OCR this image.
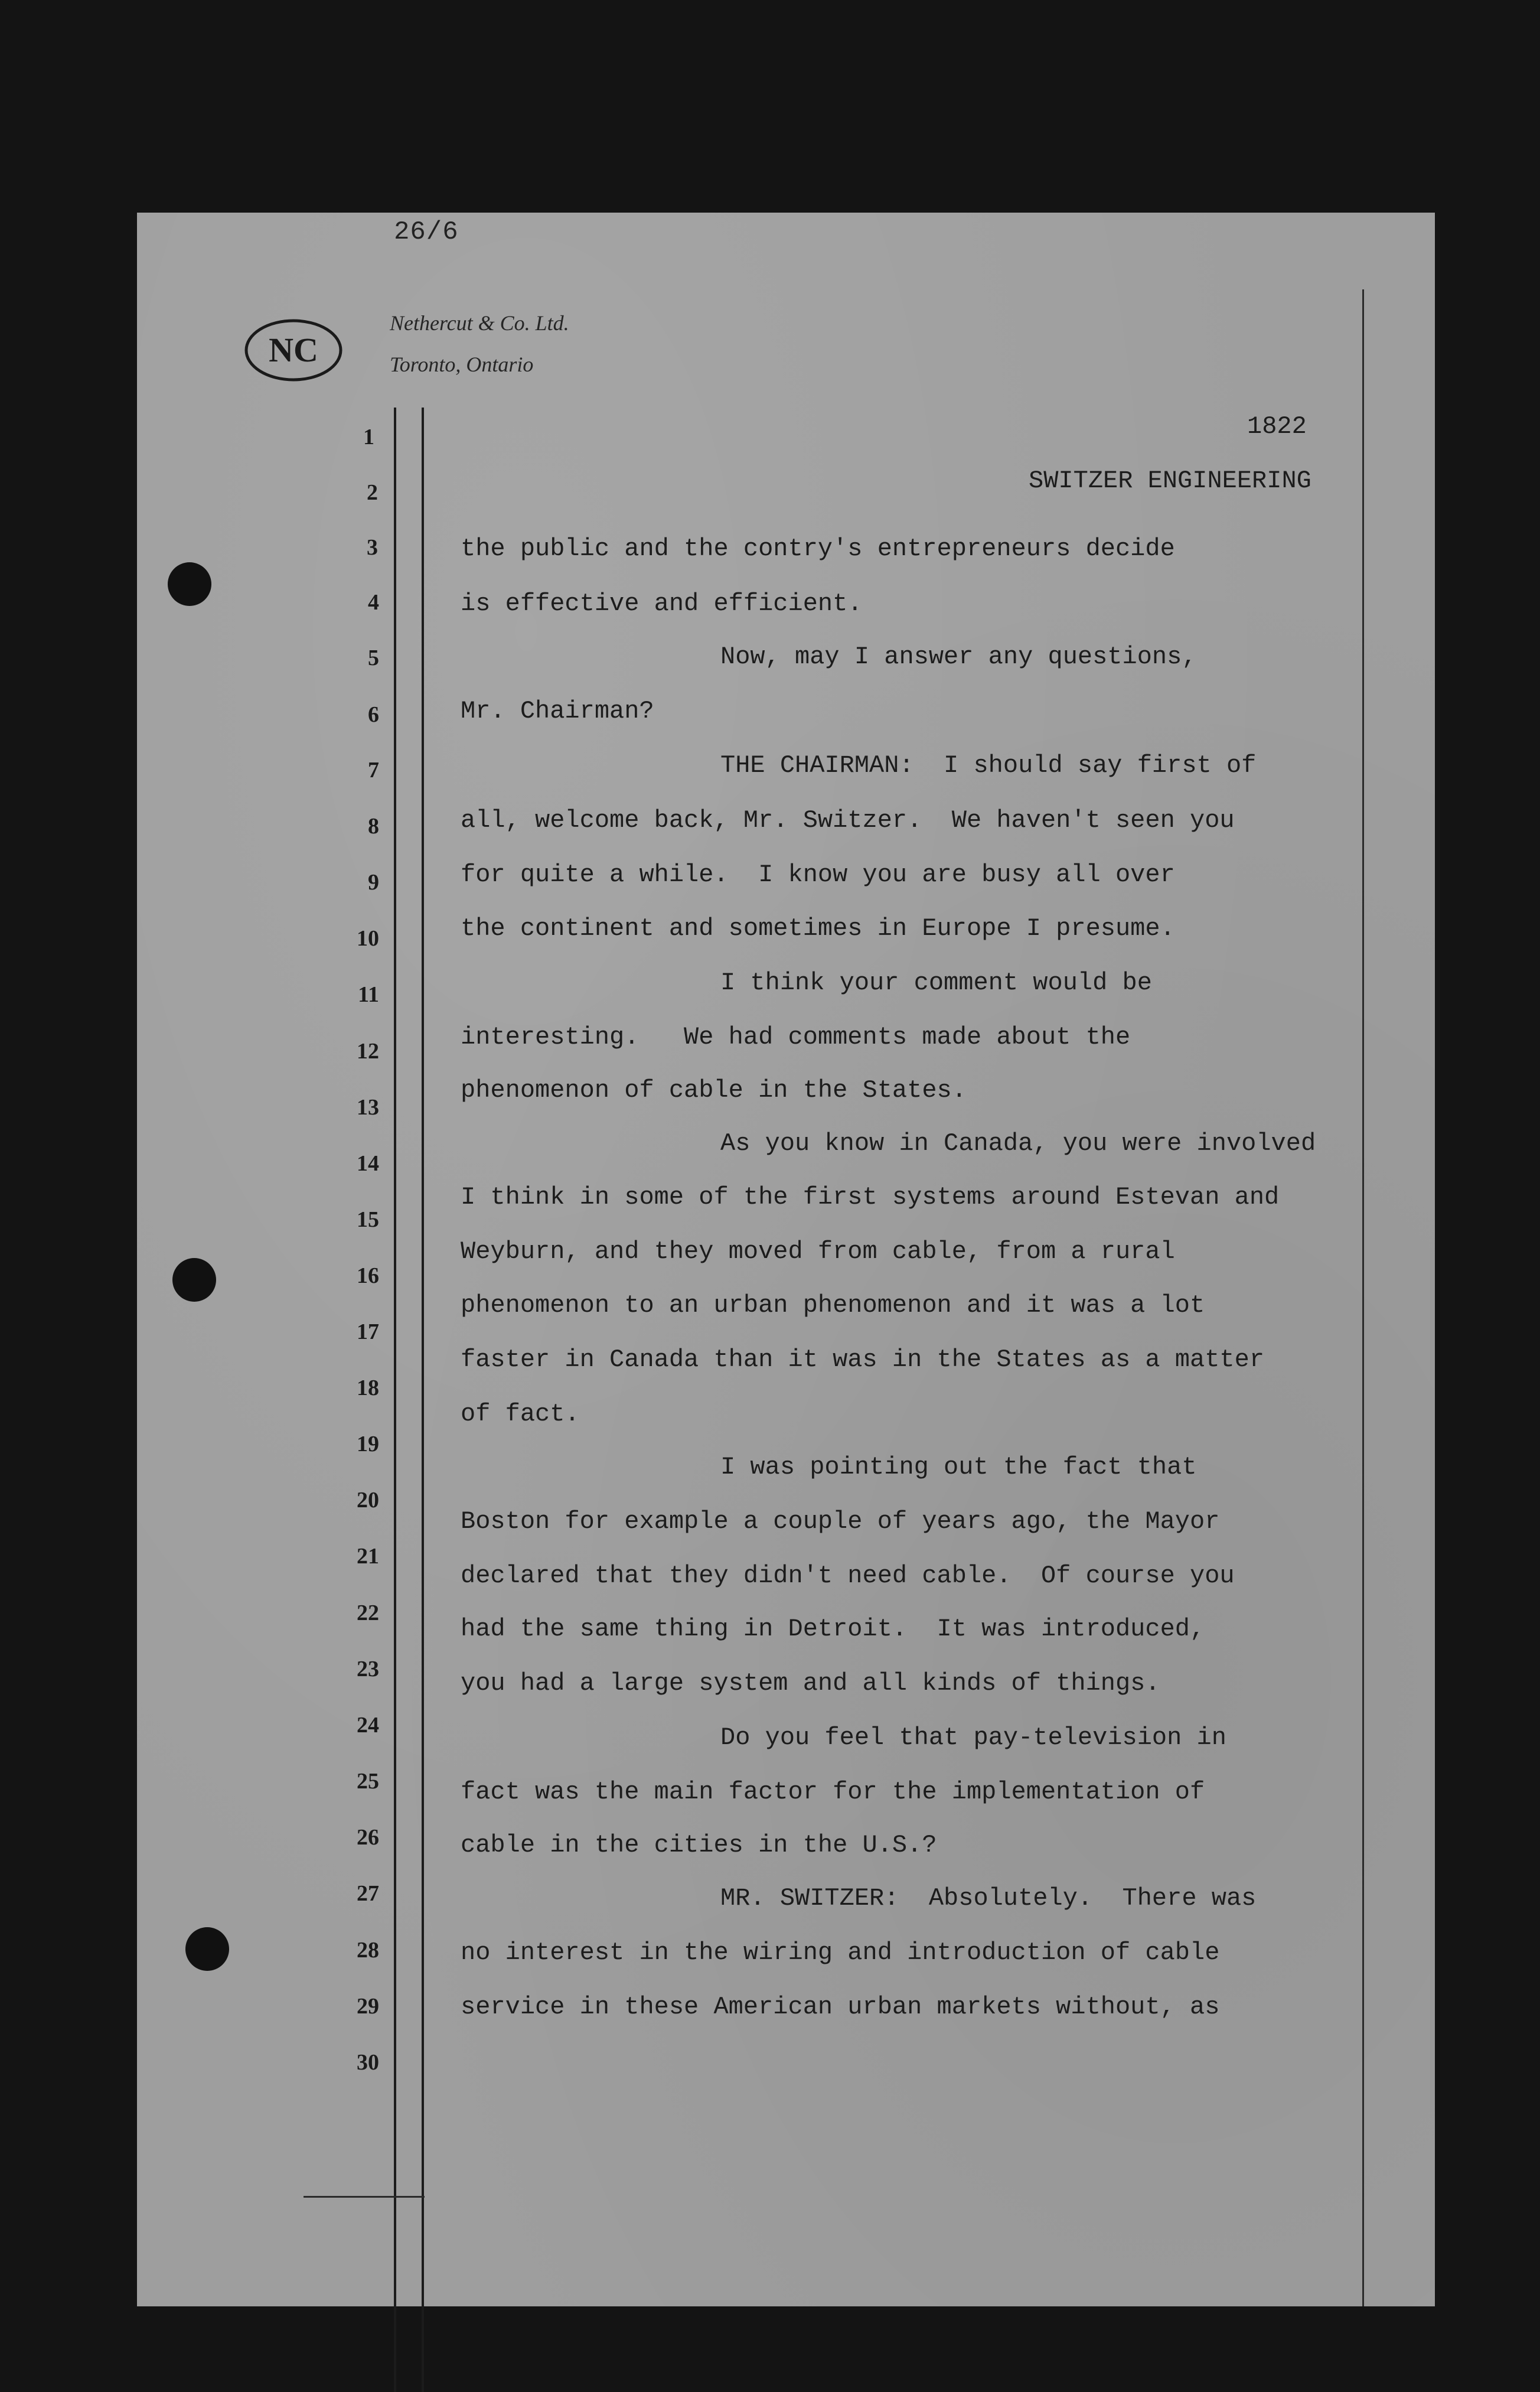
26/6
NC
Nethercut & Co. Ltd.
Toronto, Ontario
1822
SWITZER ENGINEERING
1
2
3
4
5
6
7
8
9
10
11
12
13
14
15
16
17
18
19
20
21
22
23
24
25
26
27
28
29
30
the public and the contry's entrepreneurs decide
is effective and efficient.
Now, may I answer any questions,
Mr. Chairman?
THE CHAIRMAN:  I should say first of
all, welcome back, Mr. Switzer.  We haven't seen you
for quite a while.  I know you are busy all over
the continent and sometimes in Europe I presume.
I think your comment would be
interesting.   We had comments made about the
phenomenon of cable in the States.
As you know in Canada, you were involved
I think in some of the first systems around Estevan and
Weyburn, and they moved from cable, from a rural
phenomenon to an urban phenomenon and it was a lot
faster in Canada than it was in the States as a matter
of fact.
I was pointing out the fact that
Boston for example a couple of years ago, the Mayor
declared that they didn't need cable.  Of course you
had the same thing in Detroit.  It was introduced,
you had a large system and all kinds of things.
Do you feel that pay-television in
fact was the main factor for the implementation of
cable in the cities in the U.S.?
MR. SWITZER:  Absolutely.  There was
no interest in the wiring and introduction of cable
service in these American urban markets without, as
